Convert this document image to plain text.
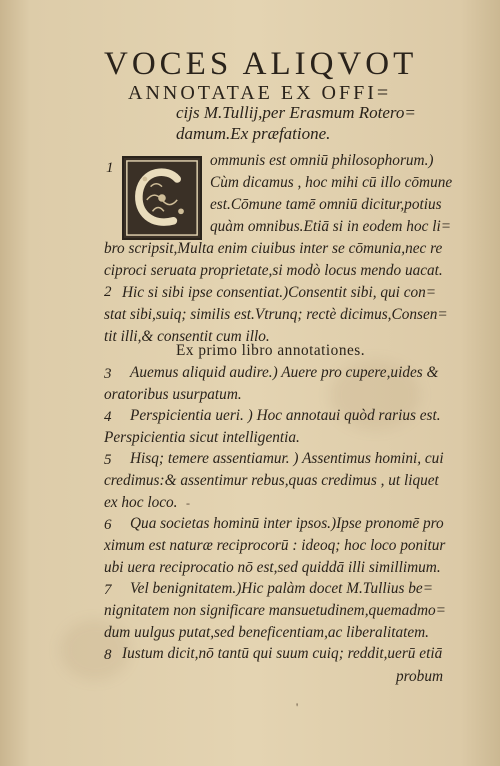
VOCES ALIQVOT
ANNOTATAE EX OFFI=
cijs M.Tullij,per Erasmum Rotero=
damum.Ex præfatione.
1	ommunis est omniū philosophorum.)
Cùm dicamus , hoc mihi cū illo cōmune
est.Cōmune tamē omniū dicitur,potius
quàm omnibus.Etiā si in eodem hoc li=
bro scripsit,Multa enim ciuibus inter se cōmunia,nec re
ciproci seruata proprietate,si modò locus mendo uacat.
2 Hic si sibi ipse consentiat.)Consentit sibi, qui con=
stat sibi,suiq; similis est.Vtrunq; rectè dicimus,Consen=
tit illi,& consentit cum illo.
Ex primo libro annotationes.
3 Auemus aliquid audire.) Auere pro cupere,uides &
oratoribus usurpatum.
4 Perspicientia ueri. ) Hoc annotaui quòd rarius est.
Perspicientia sicut intelligentia.
5 Hisq; temere assentiamur. ) Assentimus homini, cui
credimus:& assentimur rebus,quas credimus , ut liquet
ex hoc loco. -
6 Qua societas hominū inter ipsos.)Ipse pronomē pro
ximum est naturæ reciprocorū : ideoq; hoc loco ponitur
ubi uera reciprocatio nō est,sed quiddā illi simillimum.
7 Vel benignitatem.)Hic palàm docet M.Tullius be=
nignitatem non significare mansuetudinem,quemadmo=
dum uulgus putat,sed beneficentiam,ac liberalitatem.
8 Iustum dicit,nō tantū qui suum cuiq; reddit,uerū etiā
probum
'
